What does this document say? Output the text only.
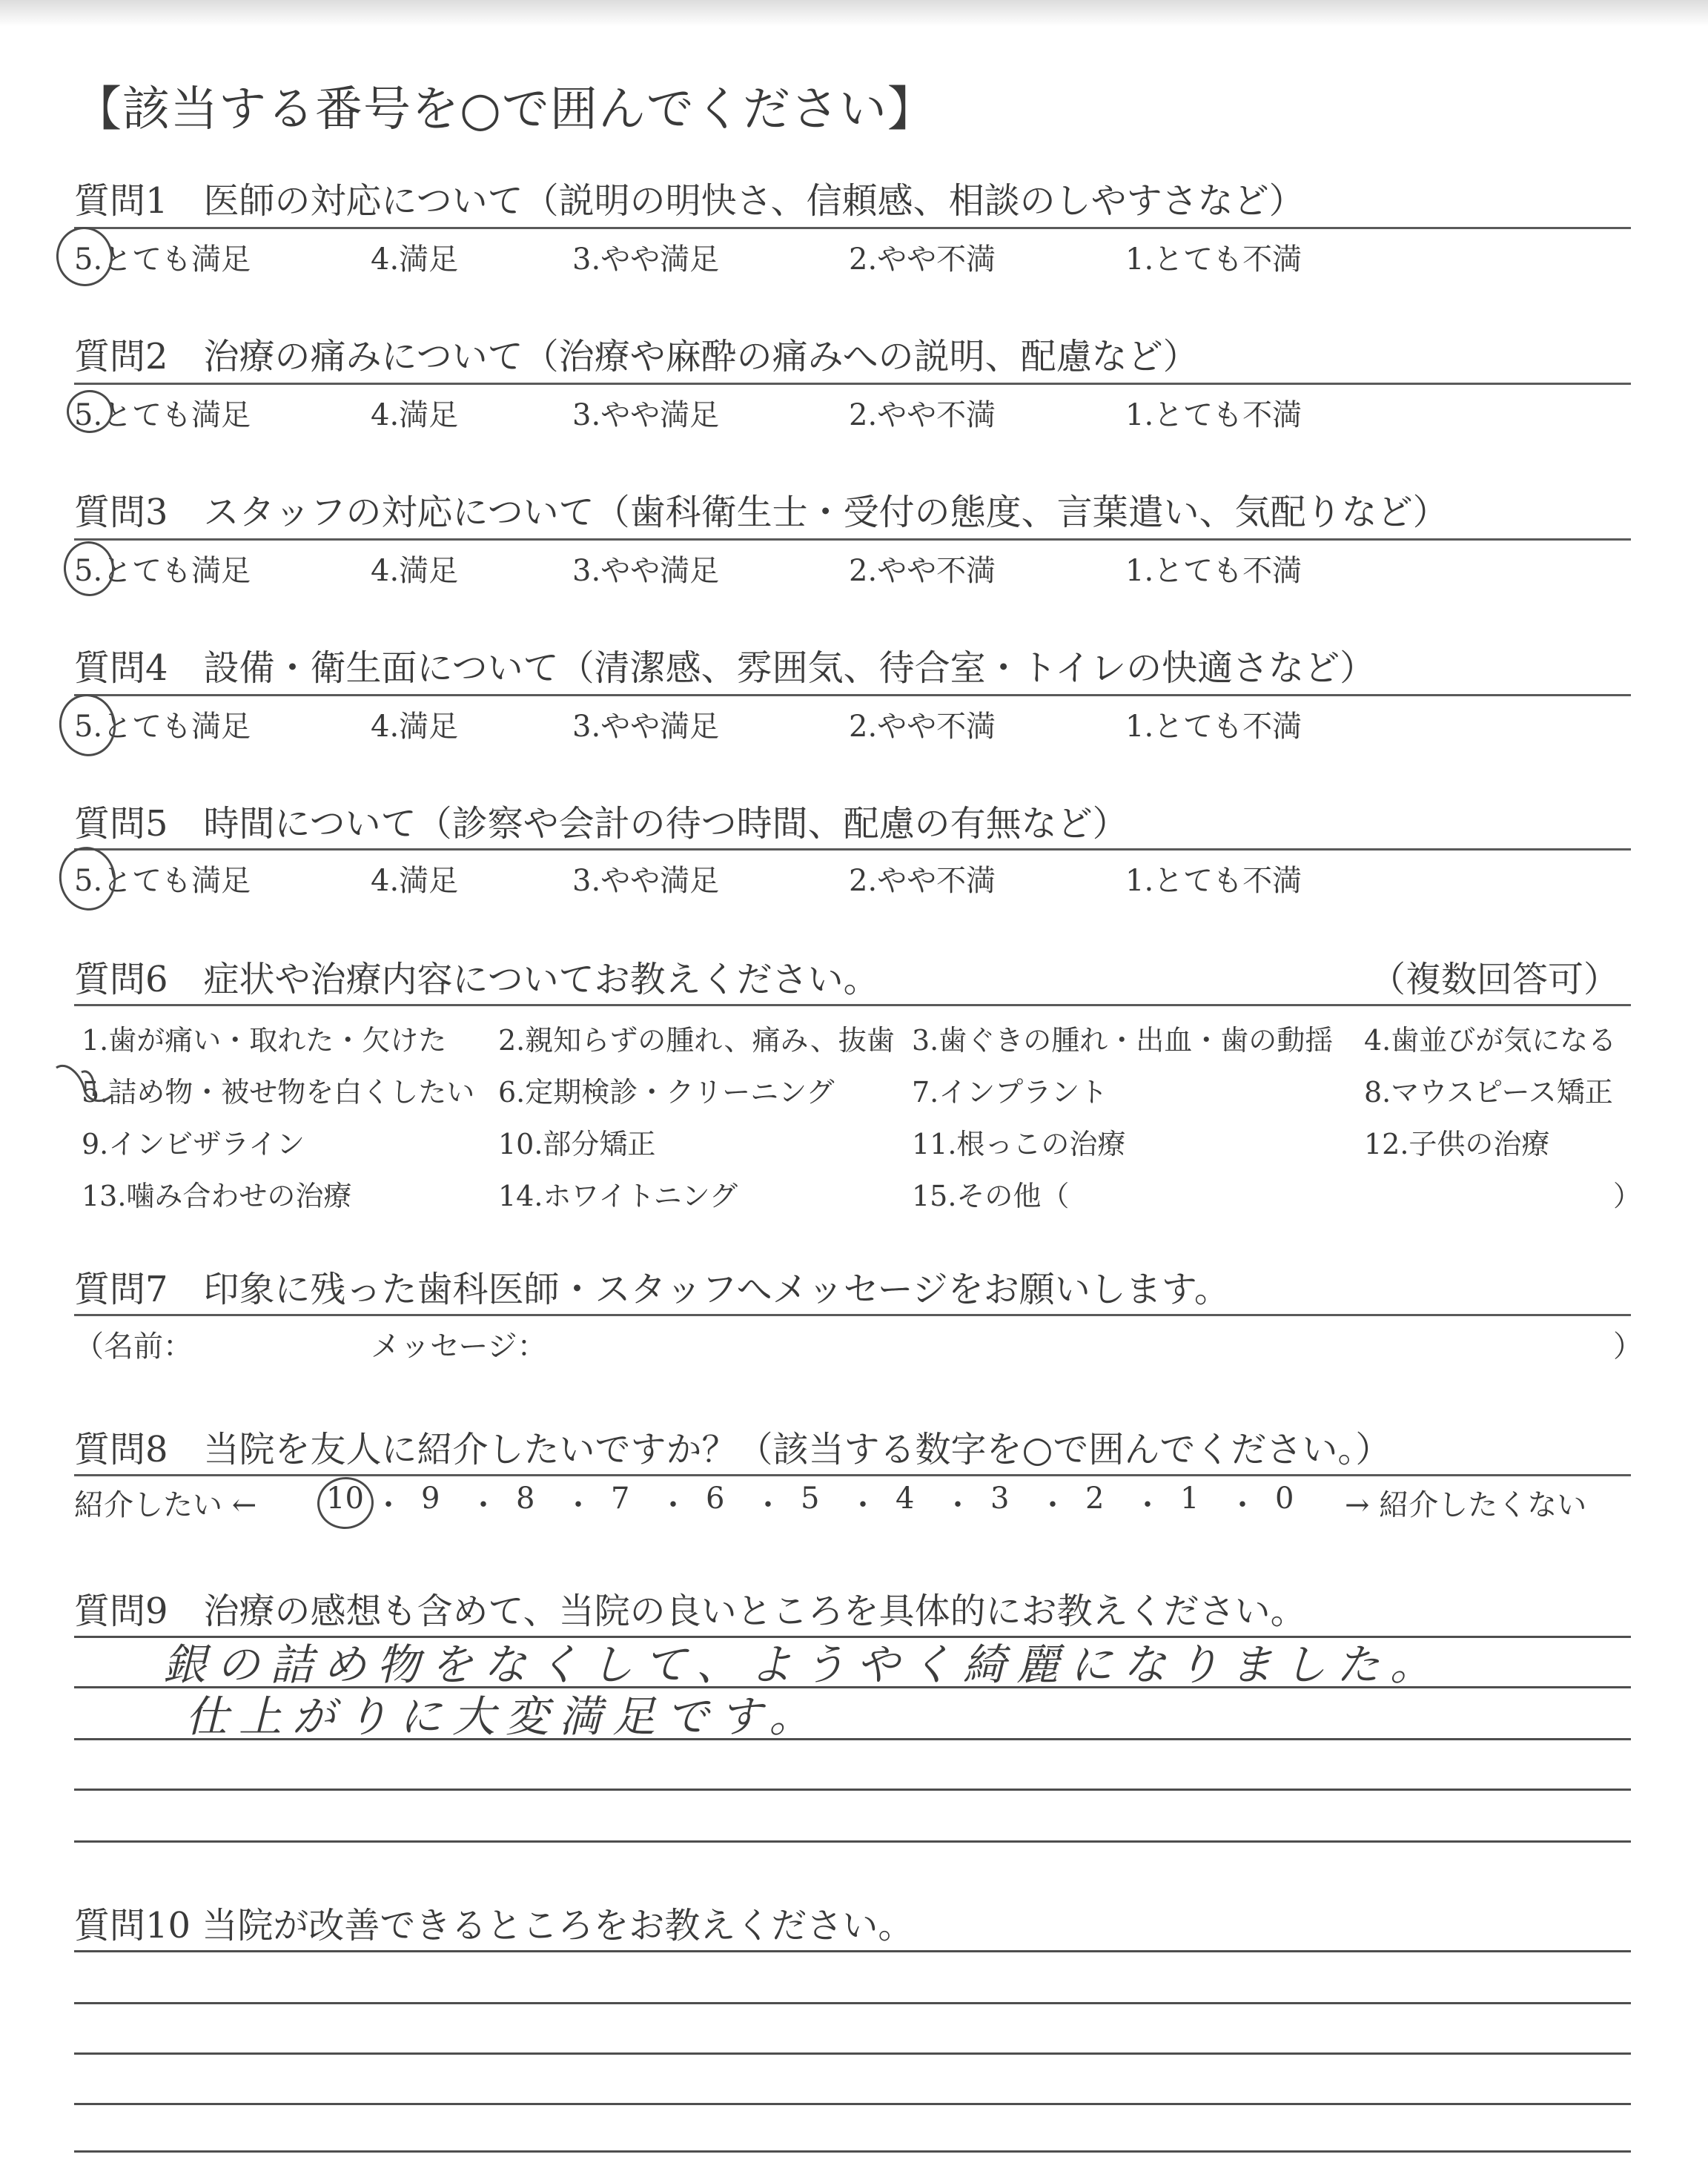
【該当する番号を○で囲んでください】
質問1　医師の対応について（説明の明快さ、信頼感、相談のしやすさなど）
5.とても満足	4.満足	3.やや満足	2.やや不満	1.とても不満
質問2　治療の痛みについて（治療や麻酔の痛みへの説明、配慮など）
5.とても満足	4.満足	3.やや満足	2.やや不満	1.とても不満
質問3　スタッフの対応について（歯科衛生士・受付の態度、言葉遣い、気配りなど）
5.とても満足	4.満足	3.やや満足	2.やや不満	1.とても不満
質問4　設備・衛生面について（清潔感、雰囲気、待合室・トイレの快適さなど）
5.とても満足	4.満足	3.やや満足	2.やや不満	1.とても不満
質問5　時間について（診察や会計の待つ時間、配慮の有無など）
5.とても満足	4.満足	3.やや満足	2.やや不満	1.とても不満
質問6　症状や治療内容についてお教えください。	（複数回答可）
1.歯が痛い・取れた・欠けた 2.親知らずの腫れ、痛み、抜歯 3.歯ぐきの腫れ・出血・歯の動揺 4.歯並びが気になる
5.詰め物・被せ物を白くしたい 6.定期検診・クリーニング	7.インプラント	8.マウスピース矯正
9.インビザライン	10.部分矯正	11.根っこの治療	12.子供の治療
13.噛み合わせの治療	14.ホワイトニング	15.その他（	）
質問7　印象に残った歯科医師・スタッフへメッセージをお願いします。
（名前：	メッセージ：	）
質問8　当院を友人に紹介したいですか？（該当する数字を○で囲んでください。）
紹介したい ←	→ 紹介したくない
10 ・ 9 ・ 8 ・ 7 ・ 6 ・ 5 ・ 4 ・ 3 ・ 2 ・ 1 ・ 0
質問9　治療の感想も含めて、当院の良いところを具体的にお教えください。
銀の詰め物をなくして、ようやく綺麗になりました。
仕上がりに大変満足です。
質問10 当院が改善できるところをお教えください。
